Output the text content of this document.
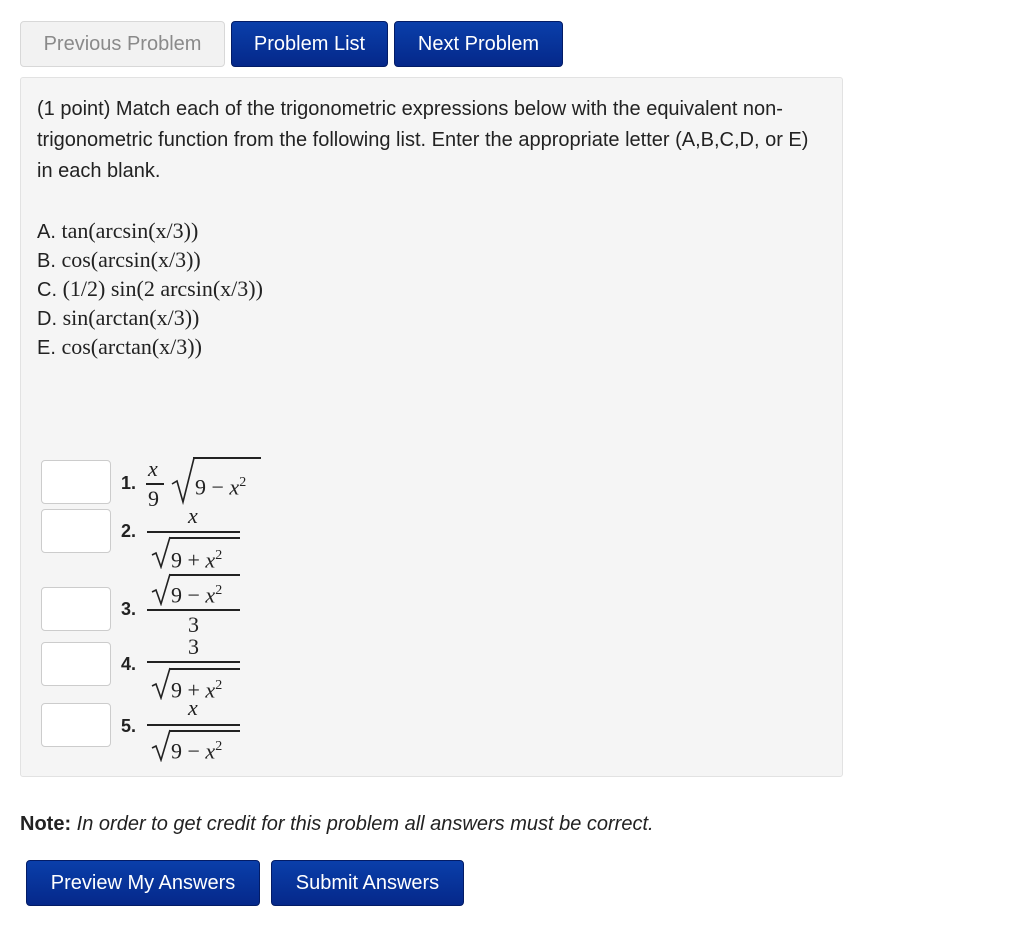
Previous Problem	Problem List	Next Problem

(1 point) Match each of the trigonometric expressions below with the equivalent non-trigonometric function from the following list. Enter the appropriate letter (A,B,C,D, or E) in each blank.

A. tan(arcsin(x/3))
B. cos(arcsin(x/3))
C. (1/2) sin(2 arcsin(x/3))
D. sin(arctan(x/3))
E. cos(arctan(x/3))
1.
x
9 $9 - x^2$
2.
x
$9 + x^2$
3.
$9 - x^2$
3
4.
3
$9 + x^2$
5.
x
$9 - x^2$
Note: In order to get credit for this problem all answers must be correct.
Preview My Answers	Submit Answers
